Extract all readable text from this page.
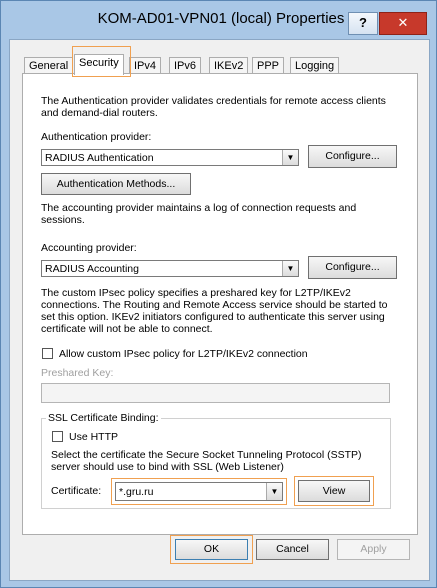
KOM-AD01-VPN01 (local) Properties	?	✕
General Security	IPv4	IPv6	IKEv2	PPP	Logging
The Authentication provider validates credentials for remote access clients and demand-dial routers.
Authentication provider:
RADIUS Authentication	▼	Configure...
Authentication Methods...
The accounting provider maintains a log of connection requests and sessions.
Accounting provider:
RADIUS Accounting	▼	Configure...
The custom IPsec policy specifies a preshared key for L2TP/IKEv2 connections. The Routing and Remote Access service should be started to set this option. IKEv2 initiators configured to authenticate this server using certificate will not be able to connect.
Allow custom IPsec policy for L2TP/IKEv2 connection
Preshared Key:
SSL Certificate Binding:
Use HTTP
Select the certificate the Secure Socket Tunneling Protocol (SSTP) server should use to bind with SSL (Web Listener)
Certificate:	*.gru.ru	▼	View
OK	Cancel	Apply
